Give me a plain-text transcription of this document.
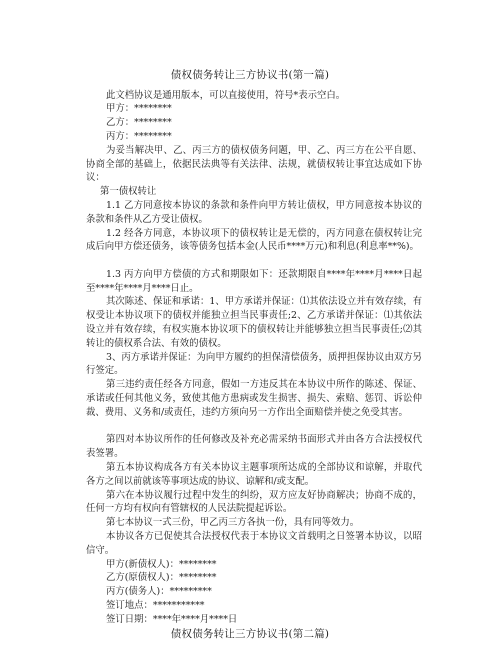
债权债务转让三方协议书(第一篇)

此文档协议是通用版本，可以直接使用，符号*表示空白。

甲方：********

乙方：********

丙方：********

为妥当解决甲、乙、丙三方的债权债务问题，甲、乙、丙三方在公平自愿、协商全部的基础上，依据民法典等有关法律、法规，就债权转让事宜达成如下协议：

第一债权转让

1.1 乙方同意按本协议的条款和条件向甲方转让债权，甲方同意按本协议的条款和条件从乙方受让债权。

1.2 经各方同意，本协议项下的债权转让是无偿的，丙方同意在债权转让完成后向甲方偿还债务，该等债务包括本金(人民币****万元)和利息(利息率**%)。

1.3 丙方向甲方偿债的方式和期限如下：还款期限自****年****月****日起至****年****月****日止。

其次陈述、保证和承诺：1、甲方承诺并保证：⑴其依法设立并有效存续，有权受让本协议项下的债权并能独立担当民事责任;2、乙方承诺并保证：⑴其依法设立并有效存续，有权实施本协议项下的债权转让并能够独立担当民事责任;⑵其转让的债权系合法、有效的债权。

3、丙方承诺并保证：为向甲方履约的担保清偿债务，质押担保协议由双方另行签定。

第三违约责任经各方同意，假如一方违反其在本协议中所作的陈述、保证、承诺或任何其他义务，致使其他方患病或发生损害、损失、索赔、惩罚、诉讼仲裁、费用、义务和/或责任，违约方须向另一方作出全面赔偿并使之免受其害。

第四对本协议所作的任何修改及补充必需采纳书面形式并由各方合法授权代表签署。

第五本协议构成各方有关本协议主题事项所达成的全部协议和谅解，并取代各方之间以前就该等事项达成的协议、谅解和/或支配。

第六在本协议履行过程中发生的纠纷，双方应友好协商解决；协商不成的，任何一方均有权向有管辖权的人民法院提起诉讼。

第七本协议一式三份，甲乙丙三方各执一份，具有同等效力。

本协议各方已促使其合法授权代表于本协议文首载明之日签署本协议，以昭信守。

甲方(新债权人)：********

乙方(原债权人)：********

丙方(债务人)：*********

签订地点：***********

签订日期：****年****月****日

债权债务转让三方协议书(第二篇)
